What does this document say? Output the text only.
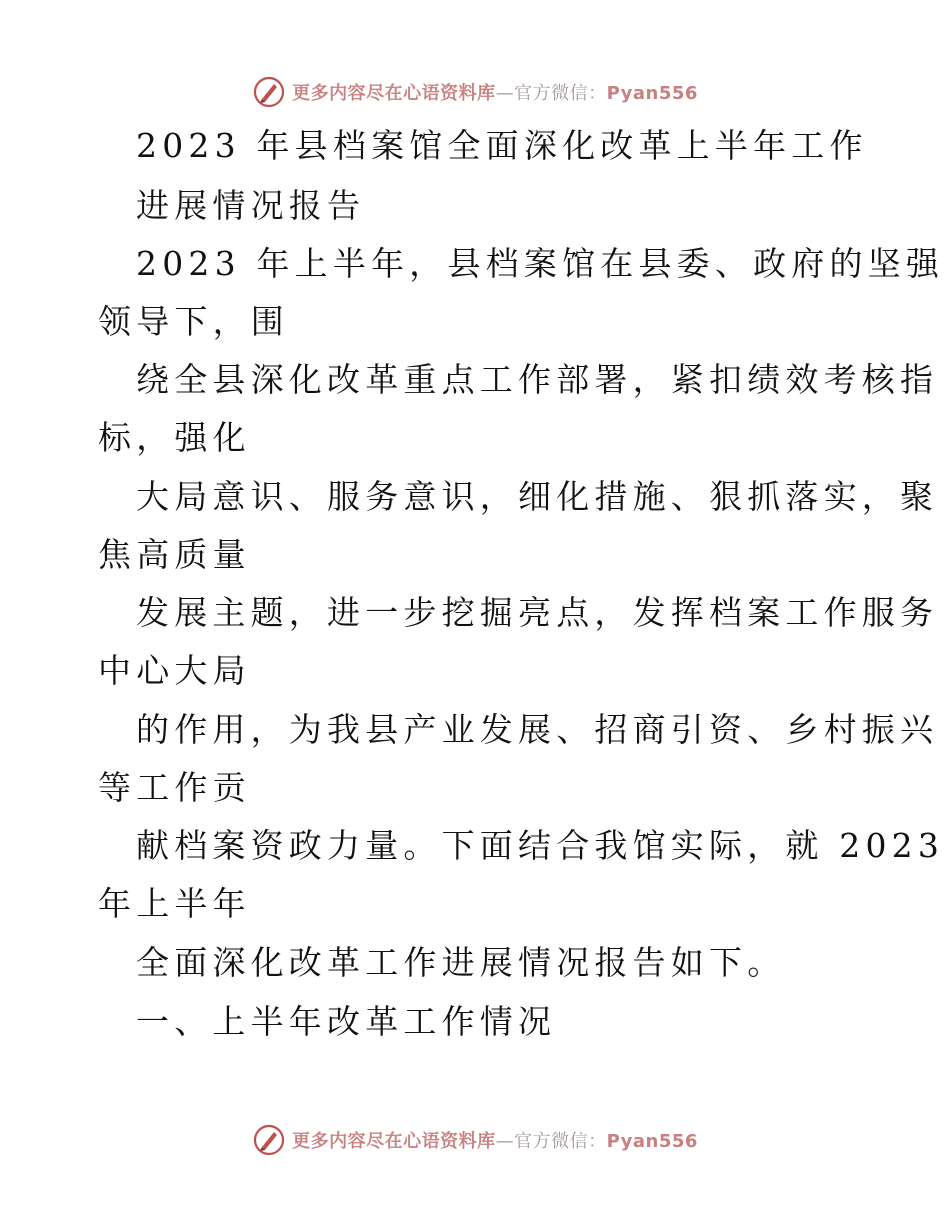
更多内容尽在心语资料库—官方微信：Pyan556
2023 年县档案馆全面深化改革上半年工作
进展情况报告
2023 年上半年，县档案馆在县委、政府的坚强
领导下，围
绕全县深化改革重点工作部署，紧扣绩效考核指
标，强化
大局意识、服务意识，细化措施、狠抓落实，聚
焦高质量
发展主题，进一步挖掘亮点，发挥档案工作服务
中心大局
的作用，为我县产业发展、招商引资、乡村振兴
等工作贡
献档案资政力量。下面结合我馆实际，就 2023
年上半年
全面深化改革工作进展情况报告如下。
一、上半年改革工作情况
更多内容尽在心语资料库—官方微信：Pyan556
